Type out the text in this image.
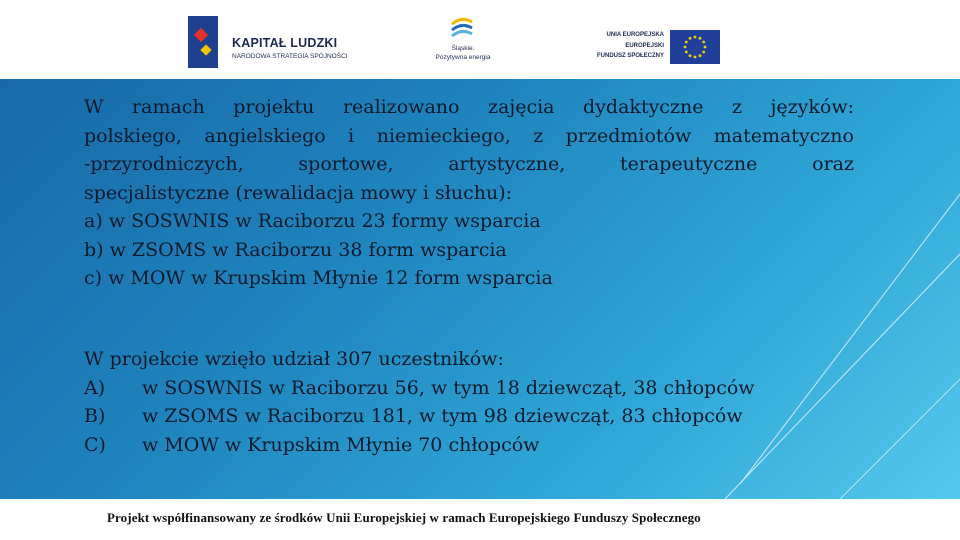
KAPITAŁ LUDZKI
NARODOWA STRATEGIA SPÓJNOŚCI
Śląskie.
Pozytywna energia
UNIA EUROPEJSKA
EUROPEJSKI
FUNDUSZ SPOŁECZNY
W ramach projektu realizowano zajęcia dydaktyczne z języków:
polskiego, angielskiego i niemieckiego, z przedmiotów matematyczno
-przyrodniczych, sportowe, artystyczne, terapeutyczne oraz
specjalistyczne (rewalidacja mowy i słuchu):
a) w SOSWNIS w Raciborzu 23 formy wsparcia
b) w ZSOMS w Raciborzu 38 form wsparcia
c) w MOW w Krupskim Młynie 12 form wsparcia
W projekcie wzięło udział 307 uczestników:
A) w SOSWNIS w Raciborzu 56, w tym 18 dziewcząt, 38 chłopców
B) w ZSOMS w Raciborzu 181, w tym 98 dziewcząt, 83 chłopców
C) w MOW w Krupskim Młynie 70 chłopców
Projekt współfinansowany ze środków Unii Europejskiej w ramach Europejskiego Funduszy Społecznego
